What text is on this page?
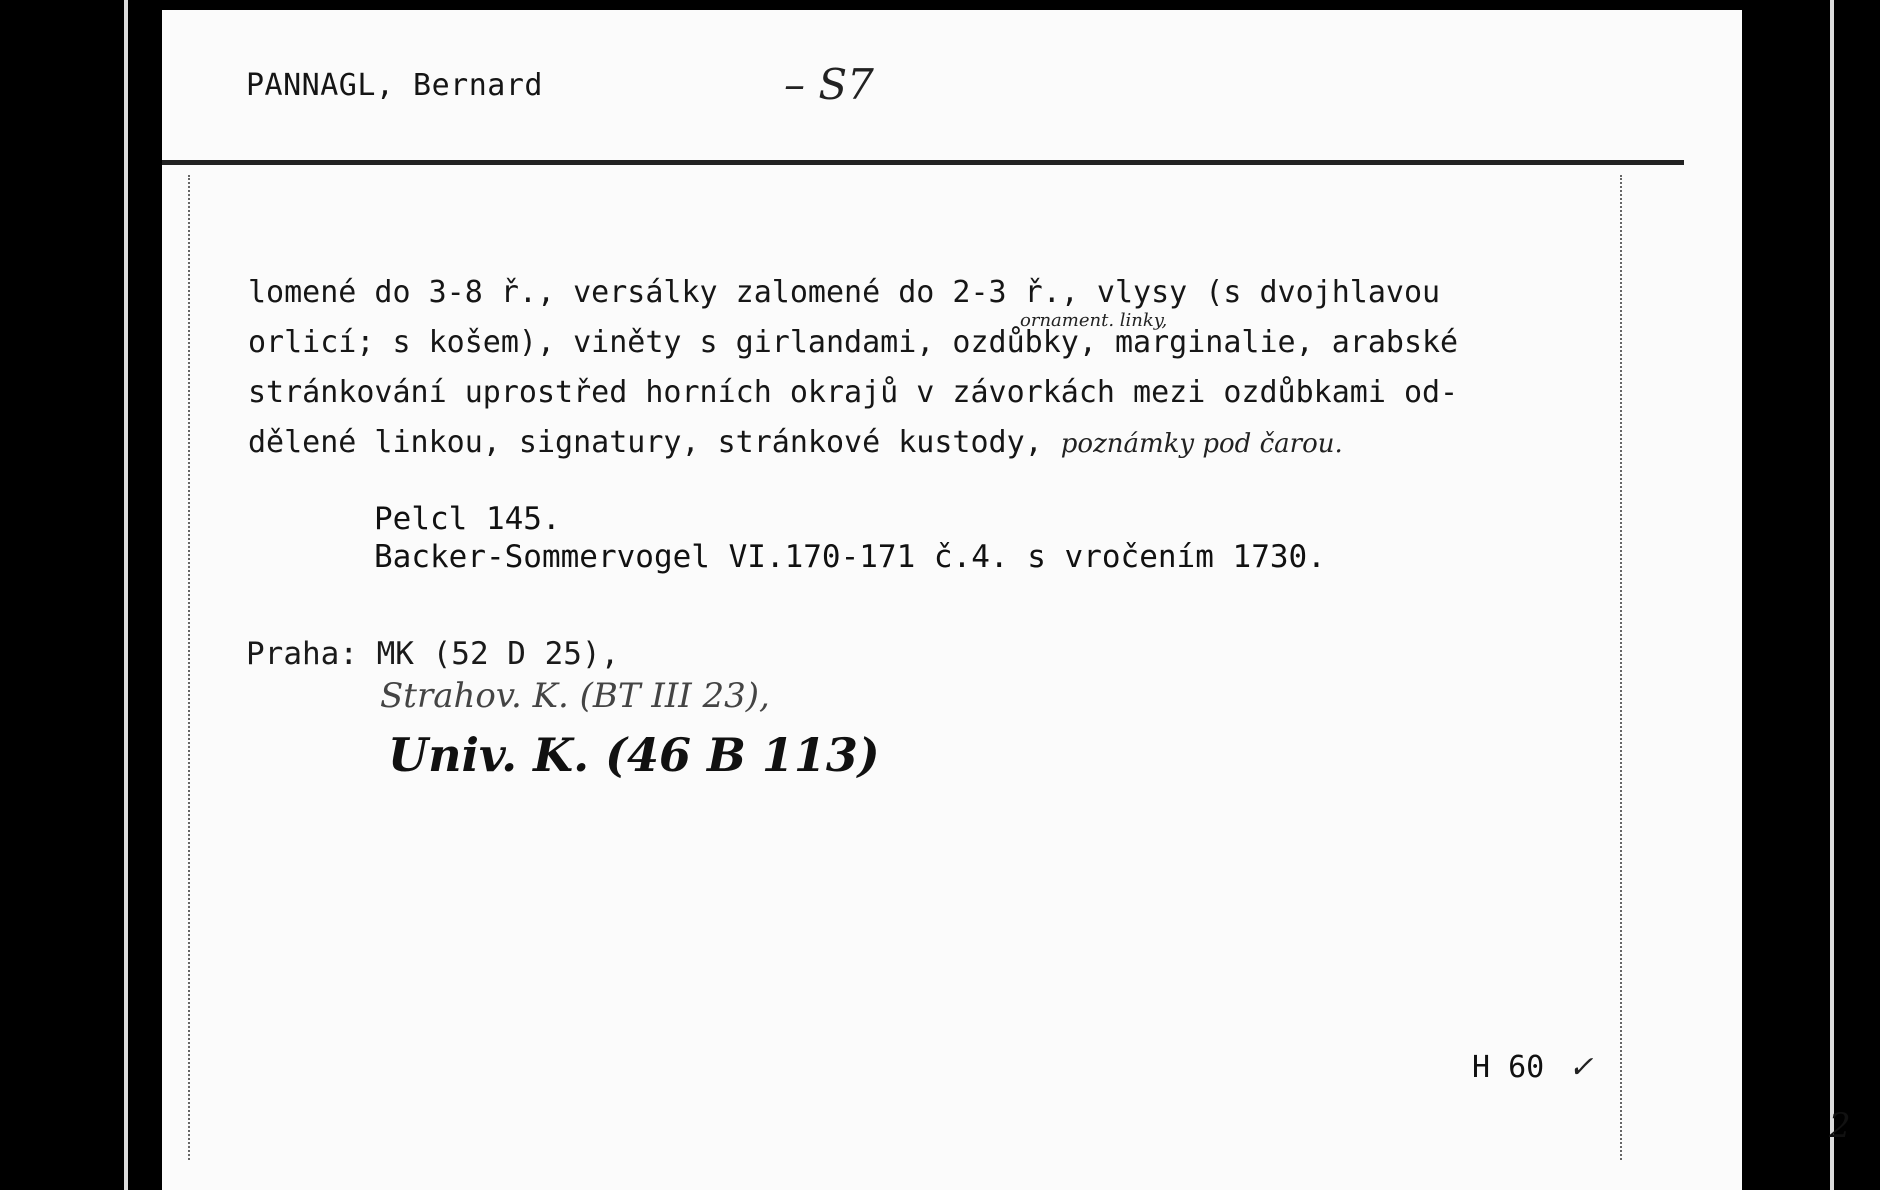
PANNAGL, Bernard	– S7
lomené do 3-8 ř., versálky zalomené do 2-3 ř., vlysy (s dvojhlavou
orlicí; s košem), viněty s girlandami, ozdůbky, marginalie, arabské
ornament. linky,
stránkování uprostřed horních okrajů v závorkách mezi ozdůbkami od-
dělené linkou, signatury, stránkové kustody, poznámky pod čarou.
Pelcl 145.
Backer-Sommervogel VI.170-171 č.4. s vročením 1730.
Praha: MK (52 D 25),
Strahov. K. (BT III 23),
Univ. K. (46 B 113)
H 60 ✓
2
